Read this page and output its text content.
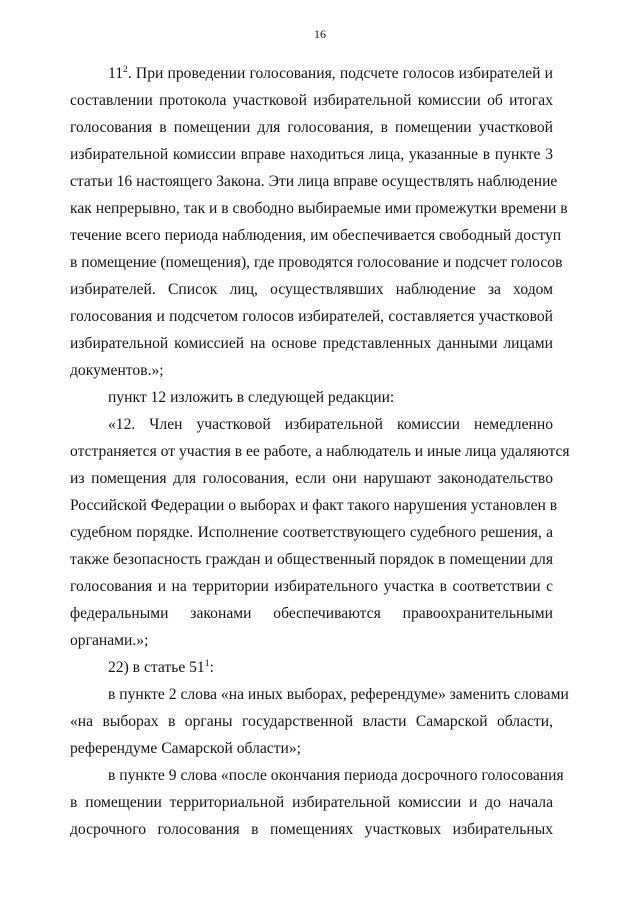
16

$11^2$. При проведении голосования, подсчете голосов избирателей и

составлении протокола участковой избирательной комиссии об итогах

голосования в помещении для голосования, в помещении участковой

избирательной комиссии вправе находиться лица, указанные в пункте 3

статьи 16 настоящего Закона. Эти лица вправе осуществлять наблюдение

как непрерывно, так и в свободно выбираемые ими промежутки времени в

течение всего периода наблюдения, им обеспечивается свободный доступ

в помещение (помещения), где проводятся голосование и подсчет голосов

избирателей. Список лиц, осуществлявших наблюдение за ходом

голосования и подсчетом голосов избирателей, составляется участковой

избирательной комиссией на основе представленных данными лицами

документов.»;

пункт 12 изложить в следующей редакции:

«12. Член участковой избирательной комиссии немедленно

отстраняется от участия в ее работе, а наблюдатель и иные лица удаляются

из помещения для голосования, если они нарушают законодательство

Российской Федерации о выборах и факт такого нарушения установлен в

судебном порядке. Исполнение соответствующего судебного решения, а

также безопасность граждан и общественный порядок в помещении для

голосования и на территории избирательного участка в соответствии с

федеральными законами обеспечиваются правоохранительными

органами.»;

22) в статье $51^1$:

в пункте 2 слова «на иных выборах, референдуме» заменить словами

«на выборах в органы государственной власти Самарской области,

референдуме Самарской области»;

в пункте 9 слова «после окончания периода досрочного голосования

в помещении территориальной избирательной комиссии и до начала

досрочного голосования в помещениях участковых избирательных
